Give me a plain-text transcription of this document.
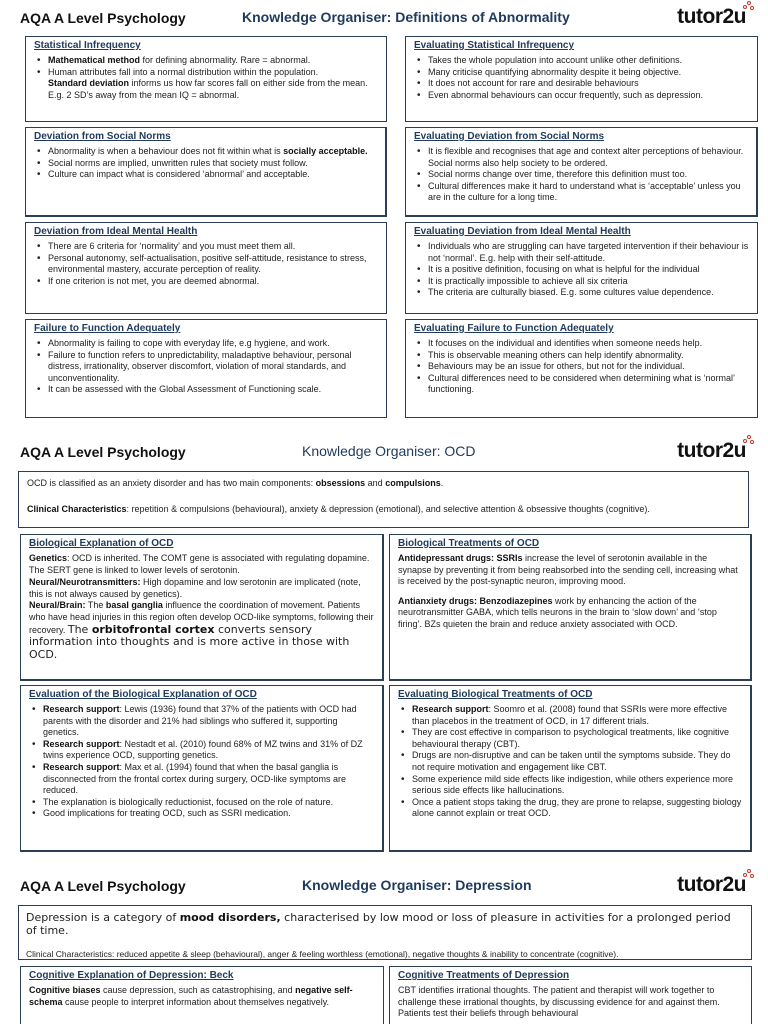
AQA A Level Psychology	Knowledge Organiser: Definitions of Abnormality	tutor2u
Statistical Infrequency
• Mathematical method for defining abnormality. Rare = abnormal.
• Human attributes fall into a normal distribution within the population.

Standard deviation informs us how far scores fall on either side from the mean. E.g. 2 SD’s away from the mean IQ = abnormal.

Evaluating Statistical Infrequency
• Takes the whole population into account unlike other definitions.
• Many criticise quantifying abnormality despite it being objective.
• It does not account for rare and desirable behaviours
• Even abnormal behaviours can occur frequently, such as depression.
Deviation from Social Norms
• Abnormality is when a behaviour does not fit within what is socially acceptable.
• Social norms are implied, unwritten rules that society must follow.
• Culture can impact what is considered ‘abnormal’ and acceptable.
Evaluating Deviation from Social Norms
• It is flexible and recognises that age and context alter perceptions of behaviour. Social norms also help society to be ordered.
• Social norms change over time, therefore this definition must too.
• Cultural differences make it hard to understand what is ‘acceptable’ unless you are in the culture for a long time.
Deviation from Ideal Mental Health
• There are 6 criteria for ‘normality’ and you must meet them all.
• Personal autonomy, self-actualisation, positive self-attitude, resistance to stress, environmental mastery, accurate perception of reality.
• If one criterion is not met, you are deemed abnormal.
Evaluating Deviation from Ideal Mental Health
• Individuals who are struggling can have targeted intervention if their behaviour is not ‘normal’. E.g. help with their self-attitude.
• It is a positive definition, focusing on what is helpful for the individual
• It is practically impossible to achieve all six criteria
• The criteria are culturally biased. E.g. some cultures value dependence.
Failure to Function Adequately
• Abnormality is failing to cope with everyday life, e.g hygiene, and work.
• Failure to function refers to unpredictability, maladaptive behaviour, personal distress, irrationality, observer discomfort, violation of moral standards, and unconventionality.
• It can be assessed with the Global Assessment of Functioning scale.
Evaluating Failure to Function Adequately
• It focuses on the individual and identifies when someone needs help.
• This is observable meaning others can help identify abnormality.
• Behaviours may be an issue for others, but not for the individual.
• Cultural differences need to be considered when determining what is ‘normal’ functioning.
AQA A Level Psychology	Knowledge Organiser: OCD	tutor2u

OCD is classified as an anxiety disorder and has two main components: obsessions and compulsions.

Clinical Characteristics: repetition & compulsions (behavioural), anxiety & depression (emotional), and selective attention & obsessive thoughts (cognitive).

Biological Explanation of OCD

Genetics: OCD is inherited. The COMT gene is associated with regulating dopamine. The SERT gene is linked to lower levels of serotonin.

Neural/Neurotransmitters: High dopamine and low serotonin are implicated (note, this is not always caused by genetics).

Neural/Brain: The basal ganglia influence the coordination of movement. Patients who have head injuries in this region often develop OCD-like symptoms, following their recovery. The orbitofrontal cortex converts sensory information into thoughts and is more active in those with OCD.

Biological Treatments of OCD

Antidepressant drugs: SSRIs increase the level of serotonin available in the synapse by preventing it from being reabsorbed into the sending cell, increasing what is received by the post-synaptic neuron, improving mood.

Antianxiety drugs: Benzodiazepines work by enhancing the action of the neurotransmitter GABA, which tells neurons in the brain to ‘slow down’ and ‘stop firing’. BZs quieten the brain and reduce anxiety associated with OCD.

Evaluation of the Biological Explanation of OCD
• Research support: Lewis (1936) found that 37% of the patients with OCD had parents with the disorder and 21% had siblings who suffered it, supporting genetics.
• Research support: Nestadt et al. (2010) found 68% of MZ twins and 31% of DZ twins experience OCD, supporting genetics.
• Research support: Max et al. (1994) found that when the basal ganglia is disconnected from the frontal cortex during surgery, OCD-like symptoms are reduced.
• The explanation is biologically reductionist, focused on the role of nature.
• Good implications for treating OCD, such as SSRI medication.
Evaluating Biological Treatments of OCD
• Research support: Soomro et al. (2008) found that SSRIs were more effective than placebos in the treatment of OCD, in 17 different trials.
• They are cost effective in comparison to psychological treatments, like cognitive behavioural therapy (CBT).
• Drugs are non-disruptive and can be taken until the symptoms subside. They do not require motivation and engagement like CBT.
• Some experience mild side effects like indigestion, while others experience more serious side effects like hallucinations.
• Once a patient stops taking the drug, they are prone to relapse, suggesting biology alone cannot explain or treat OCD.
AQA A Level Psychology	Knowledge Organiser: Depression	tutor2u

Depression is a category of mood disorders, characterised by low mood or loss of pleasure in activities for a prolonged period of time.

Clinical Characteristics: reduced appetite & sleep (behavioural), anger & feeling worthless (emotional), negative thoughts & inability to concentrate (cognitive).

Cognitive Explanation of Depression: Beck

Cognitive biases cause depression, such as catastrophising, and negative self-schema cause people to interpret information about themselves negatively.

Cognitive Treatments of Depression

CBT identifies irrational thoughts. The patient and therapist will work together to challenge these irrational thoughts, by discussing evidence for and against them. Patients test their beliefs through behavioural
